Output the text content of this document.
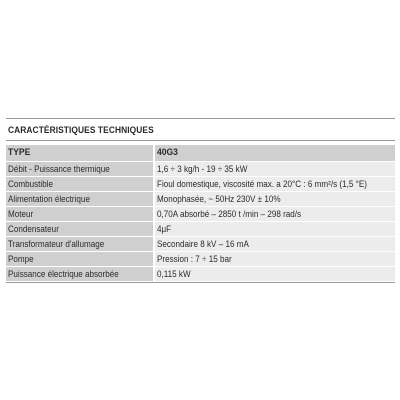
CARACTÉRISTIQUES TECHNIQUES
TYPE	40G3
Débit - Puissance thermique	1,6 ÷ 3 kg/h - 19 ÷ 35 kW
Combustible	Fioul domestique, viscosité max. a 20°C : 6 mm²/s (1,5 °E)
Alimentation électrique	Monophasée, ~ 50Hz 230V ± 10%
Moteur	0,70A absorbé – 2850 t /min – 298 rad/s
Condensateur	4μF
Transformateur d'allumage	Secondaire 8 kV – 16 mA
Pompe	Pression : 7 ÷ 15 bar
Puissance électrique absorbée	0,115 kW
